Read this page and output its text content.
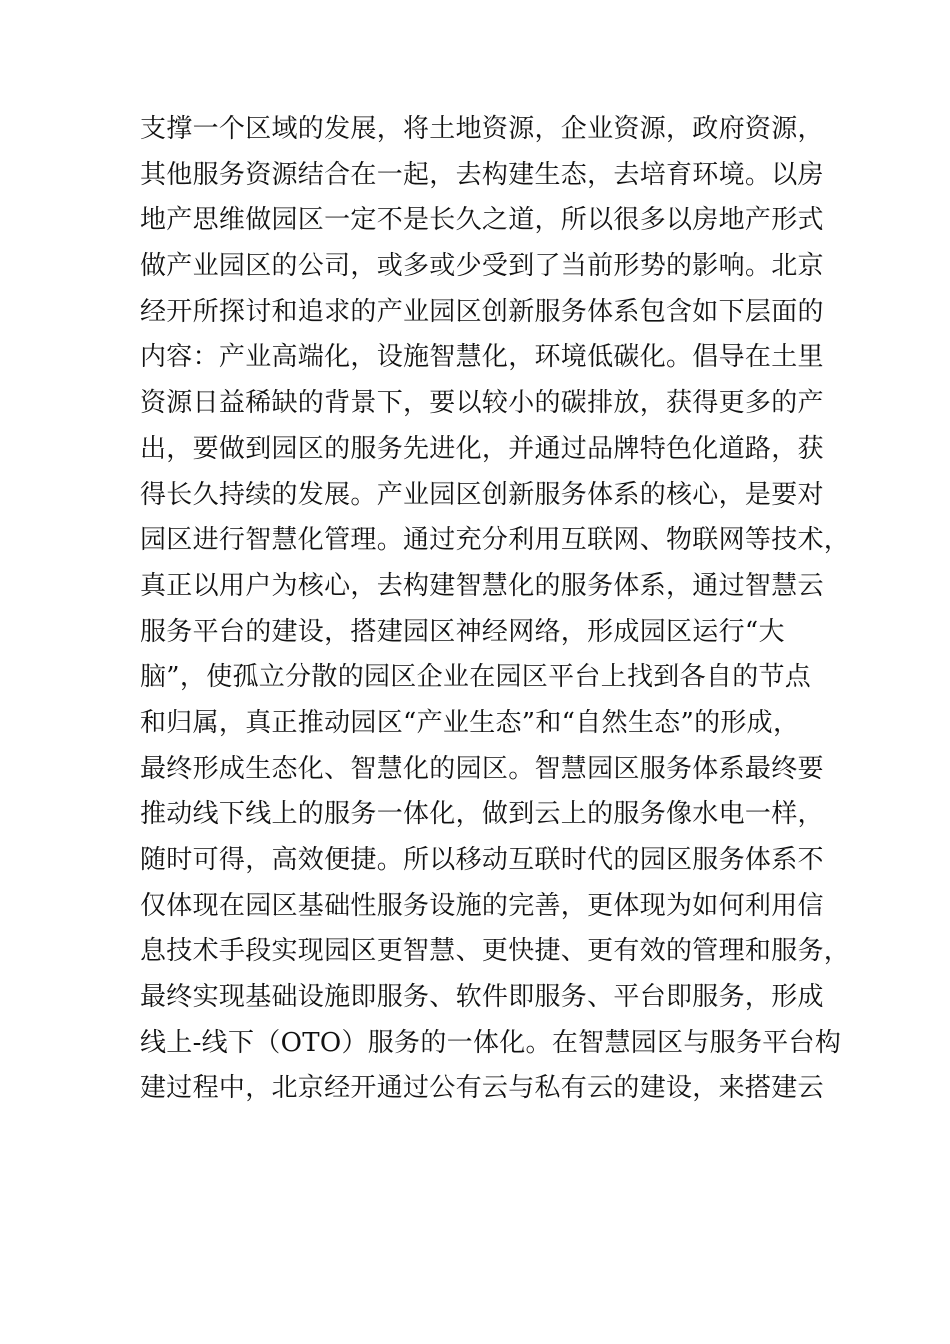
支撑一个区域的发展，将土地资源，企业资源，政府资源，
其他服务资源结合在一起，去构建生态，去培育环境。以房
地产思维做园区一定不是长久之道，所以很多以房地产形式
做产业园区的公司，或多或少受到了当前形势的影响。北京
经开所探讨和追求的产业园区创新服务体系包含如下层面的
内容：产业高端化，设施智慧化，环境低碳化。倡导在土里
资源日益稀缺的背景下，要以较小的碳排放，获得更多的产
出，要做到园区的服务先进化，并通过品牌特色化道路，获
得长久持续的发展。产业园区创新服务体系的核心，是要对
园区进行智慧化管理。通过充分利用互联网、物联网等技术，
真正以用户为核心，去构建智慧化的服务体系，通过智慧云
服务平台的建设，搭建园区神经网络，形成园区运行“大
脑”，使孤立分散的园区企业在园区平台上找到各自的节点
和归属，真正推动园区“产业生态”和“自然生态”的形成，
最终形成生态化、智慧化的园区。智慧园区服务体系最终要
推动线下线上的服务一体化，做到云上的服务像水电一样，
随时可得，高效便捷。所以移动互联时代的园区服务体系不
仅体现在园区基础性服务设施的完善，更体现为如何利用信
息技术手段实现园区更智慧、更快捷、更有效的管理和服务，
最终实现基础设施即服务、软件即服务、平台即服务，形成
线上-线下（OTO）服务的一体化。在智慧园区与服务平台构
建过程中，北京经开通过公有云与私有云的建设，来搭建云
